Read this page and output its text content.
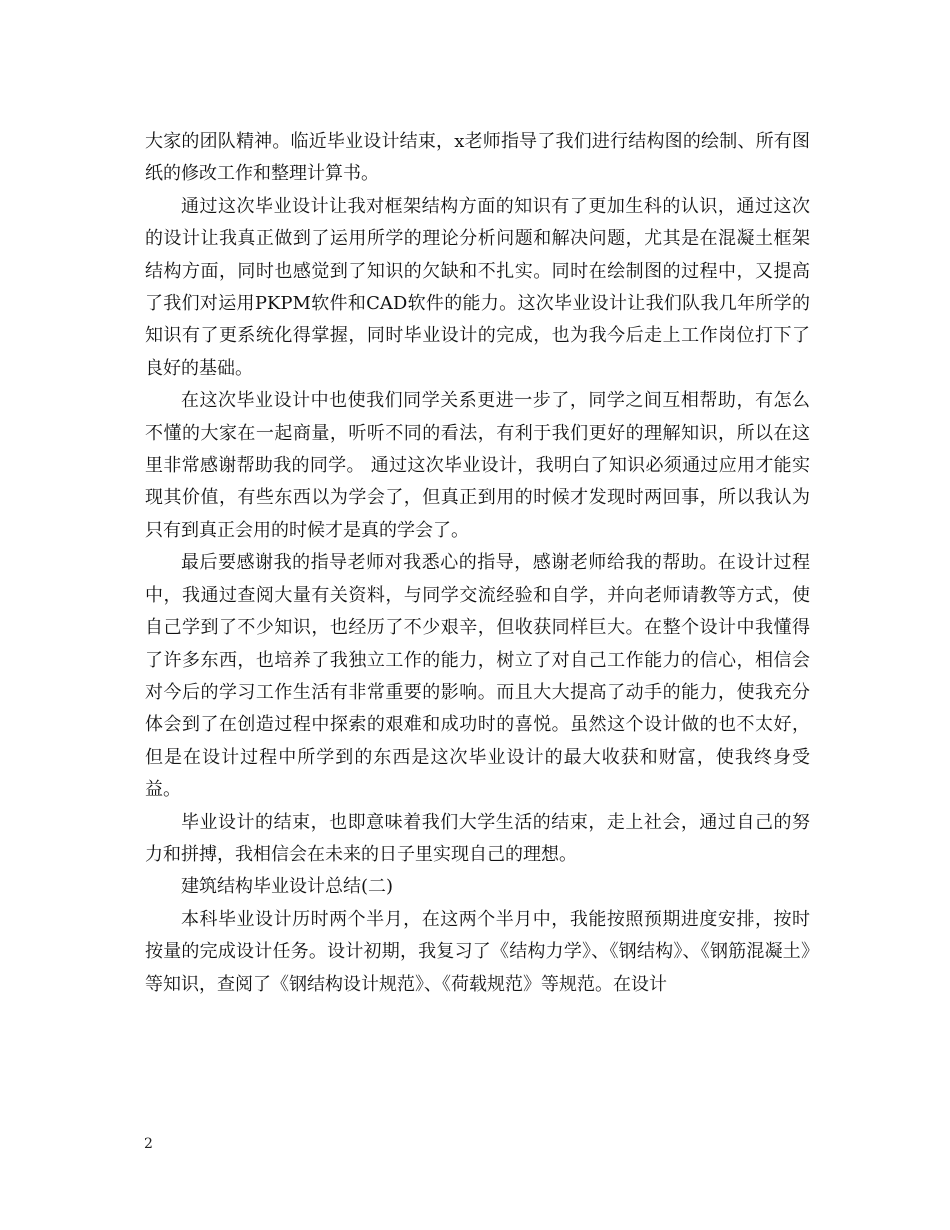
大家的团队精神。临近毕业设计结束，x老师指导了我们进行结构图的绘制、所有图纸的修改工作和整理计算书。

通过这次毕业设计让我对框架结构方面的知识有了更加生科的认识，通过这次的设计让我真正做到了运用所学的理论分析问题和解决问题，尤其是在混凝土框架结构方面，同时也感觉到了知识的欠缺和不扎实。同时在绘制图的过程中，又提高了我们对运用PKPM软件和CAD软件的能力。这次毕业设计让我们队我几年所学的知识有了更系统化得掌握，同时毕业设计的完成，也为我今后走上工作岗位打下了良好的基础。

在这次毕业设计中也使我们同学关系更进一步了，同学之间互相帮助，有怎么不懂的大家在一起商量，听听不同的看法，有利于我们更好的理解知识，所以在这里非常感谢帮助我的同学。 通过这次毕业设计，我明白了知识必须通过应用才能实现其价值，有些东西以为学会了，但真正到用的时候才发现时两回事，所以我认为只有到真正会用的时候才是真的学会了。

最后要感谢我的指导老师对我悉心的指导，感谢老师给我的帮助。在设计过程中，我通过查阅大量有关资料，与同学交流经验和自学，并向老师请教等方式，使自己学到了不少知识，也经历了不少艰辛，但收获同样巨大。在整个设计中我懂得了许多东西，也培养了我独立工作的能力，树立了对自己工作能力的信心，相信会对今后的学习工作生活有非常重要的影响。而且大大提高了动手的能力，使我充分体会到了在创造过程中探索的艰难和成功时的喜悦。虽然这个设计做的也不太好，但是在设计过程中所学到的东西是这次毕业设计的最大收获和财富，使我终身受益。

毕业设计的结束，也即意味着我们大学生活的结束，走上社会，通过自己的努力和拼搏，我相信会在未来的日子里实现自己的理想。

建筑结构毕业设计总结(二)

本科毕业设计历时两个半月，在这两个半月中，我能按照预期进度安排，按时按量的完成设计任务。设计初期，我复习了《结构力学》、《钢结构》、《钢筋混凝土》等知识，查阅了《钢结构设计规范》、《荷载规范》等规范。在设计

2
